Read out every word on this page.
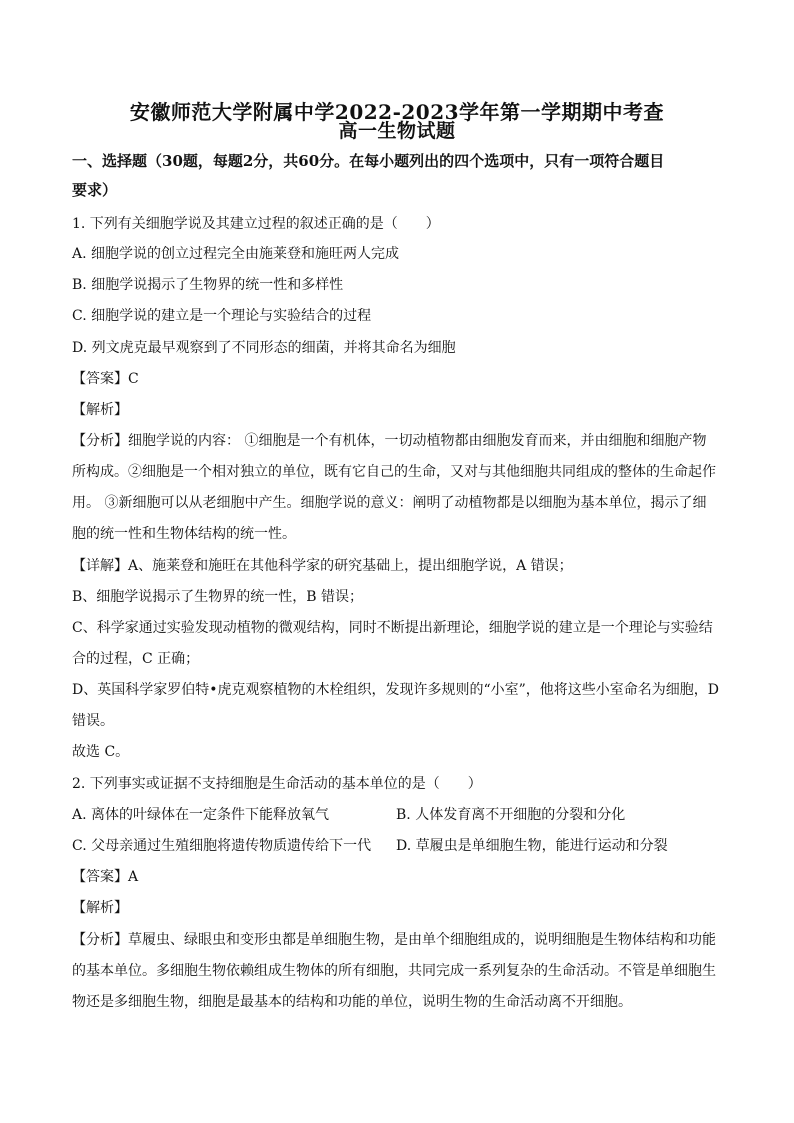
安徽师范大学附属中学2022-2023学年第一学期期中考查
高一生物试题
一、选择题（30题，每题2分，共60分。在每小题列出的四个选项中，只有一项符合题目
要求）
1. 下列有关细胞学说及其建立过程的叙述正确的是（　　）
A. 细胞学说的创立过程完全由施莱登和施旺两人完成
B. 细胞学说揭示了生物界的统一性和多样性
C. 细胞学说的建立是一个理论与实验结合的过程
D. 列文虎克最早观察到了不同形态的细菌，并将其命名为细胞
【答案】C
【解析】
【分析】细胞学说的内容： ①细胞是一个有机体，一切动植物都由细胞发育而来，并由细胞和细胞产物
所构成。②细胞是一个相对独立的单位，既有它自己的生命，又对与其他细胞共同组成的整体的生命起作
用。 ③新细胞可以从老细胞中产生。细胞学说的意义：阐明了动植物都是以细胞为基本单位，揭示了细
胞的统一性和生物体结构的统一性。
【详解】A、施莱登和施旺在其他科学家的研究基础上，提出细胞学说，A 错误；
B、细胞学说揭示了生物界的统一性，B 错误；
C、科学家通过实验发现动植物的微观结构，同时不断提出新理论，细胞学说的建立是一个理论与实验结
合的过程，C 正确；
D、英国科学家罗伯特•虎克观察植物的木栓组织，发现许多规则的“小室”，他将这些小室命名为细胞，D
错误。
故选 C。
2. 下列事实或证据不支持细胞是生命活动的基本单位的是（　　）
A. 离体的叶绿体在一定条件下能释放氧气	B. 人体发育离不开细胞的分裂和分化
C. 父母亲通过生殖细胞将遗传物质遗传给下一代 D. 草履虫是单细胞生物，能进行运动和分裂
【答案】A
【解析】
【分析】草履虫、绿眼虫和变形虫都是单细胞生物，是由单个细胞组成的，说明细胞是生物体结构和功能
的基本单位。多细胞生物依赖组成生物体的所有细胞，共同完成一系列复杂的生命活动。不管是单细胞生
物还是多细胞生物，细胞是最基本的结构和功能的单位，说明生物的生命活动离不开细胞。
